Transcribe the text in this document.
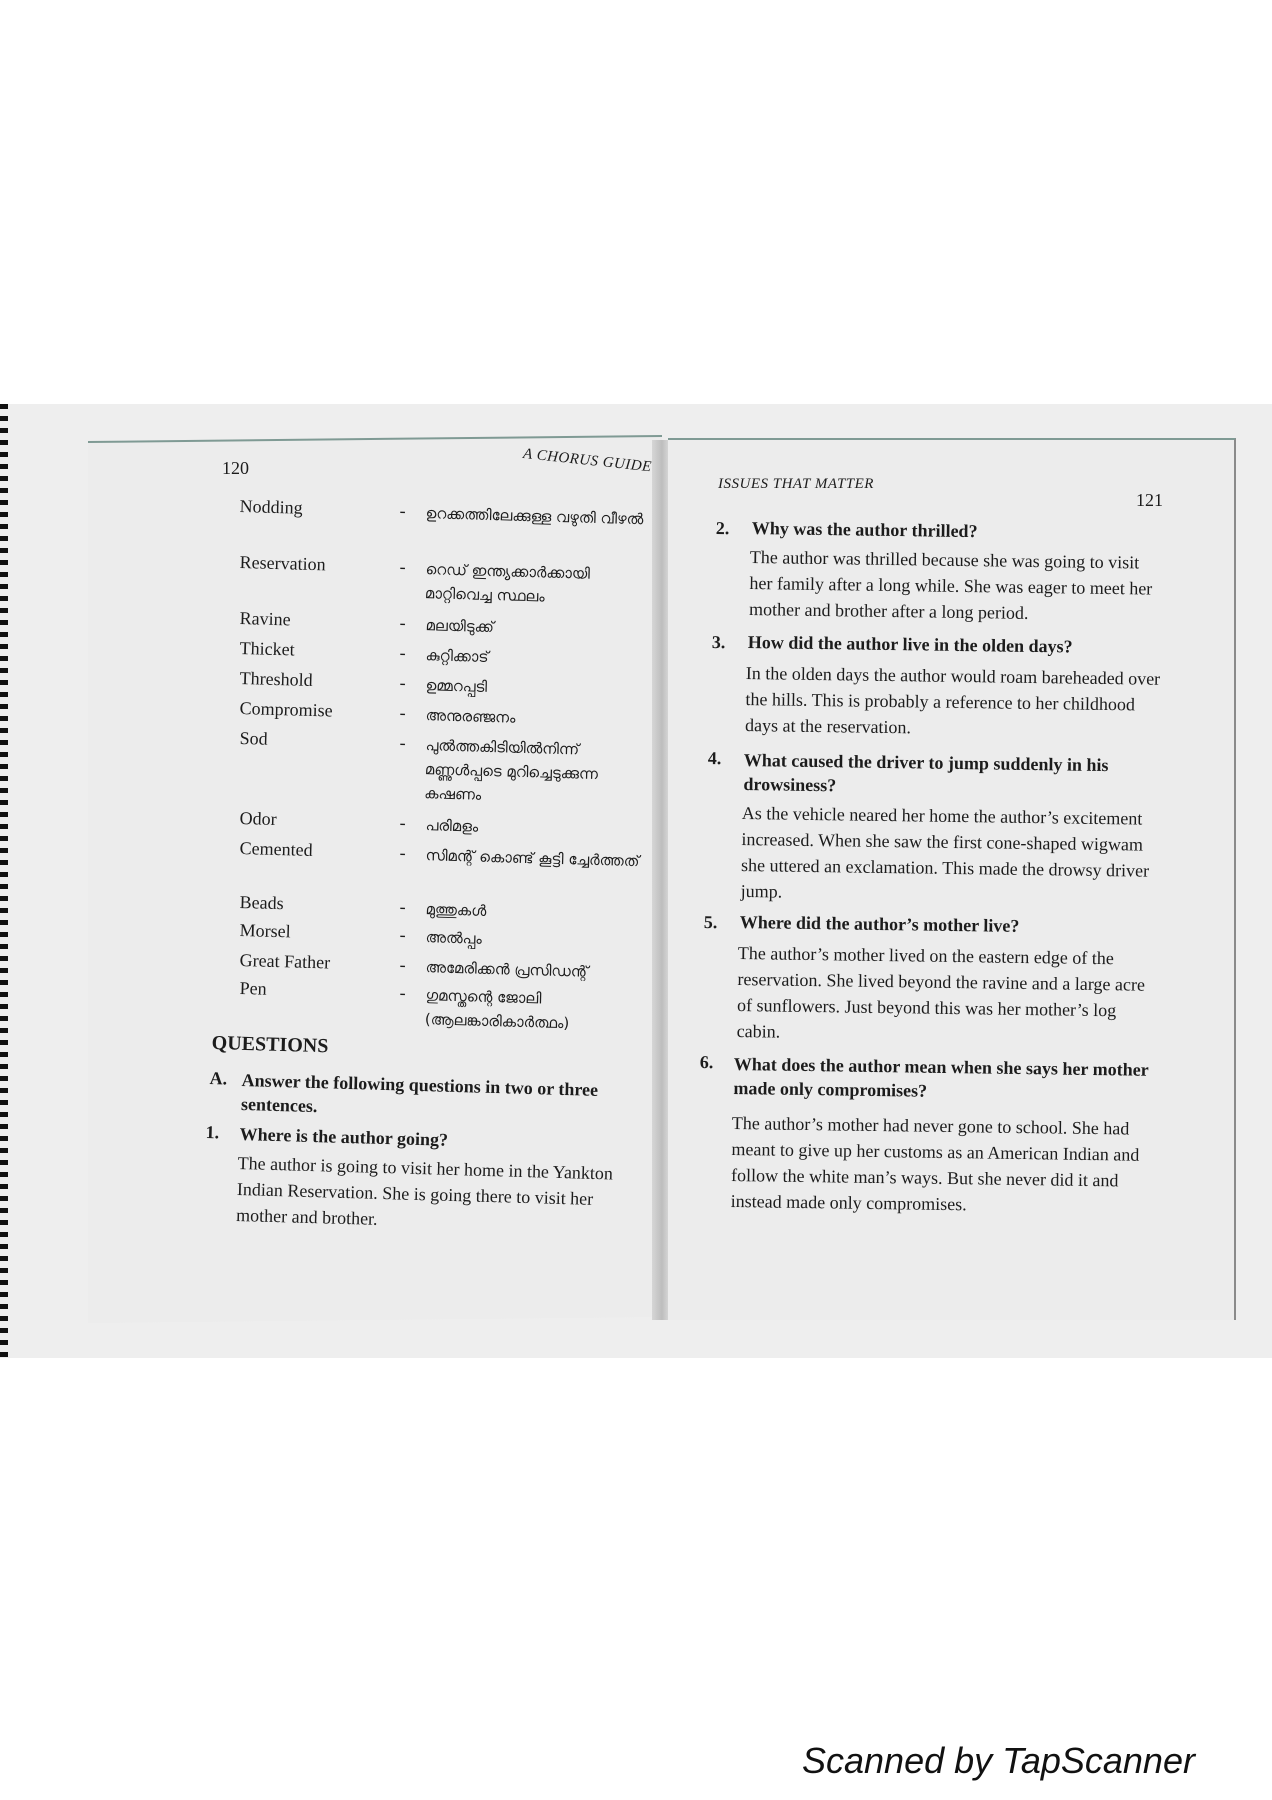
120	A CHORUS GUIDE
Nodding	- ഉറക്കത്തിലേക്കുള്ള വഴുതി വീഴൽ
Reservation	- റെഡ് ഇന്ത്യക്കാർക്കായി മാറ്റിവെച്ച സ്ഥലം
Ravine	- മലയിടുക്ക്
Thicket	- കുറ്റിക്കാട്
Threshold	- ഉമ്മറപ്പടി
Compromise	- അനുരഞ്ജനം
Sod	- പുൽത്തകിടിയിൽനിന്ന് മണ്ണുൾപ്പടെ മുറിച്ചെടുക്കുന്ന കഷണം
Odor	- പരിമളം
Cemented	- സിമന്റ് കൊണ്ട് കൂട്ടി ച്ചേർത്തത്
Beads	- മുത്തുകൾ
Morsel	- അൽപ്പം
Great Father	- അമേരിക്കൻ പ്രസിഡന്റ്
Pen	- ഗുമസ്തന്റെ ജോലി (ആലങ്കാരികാർത്ഥം)
QUESTIONS
A. Answer the following questions in two or three sentences.
1. Where is the author going?
The author is going to visit her home in the Yankton Indian Reservation. She is going there to visit her mother and brother.
ISSUES THAT MATTER
121
2. Why was the author thrilled?
The author was thrilled because she was going to visit her family after a long while. She was eager to meet her mother and brother after a long period.
3. How did the author live in the olden days?
In the olden days the author would roam bareheaded over the hills. This is probably a reference to her childhood days at the reservation.
4. What caused the driver to jump suddenly in his drowsiness?
As the vehicle neared her home the author’s excitement increased. When she saw the first cone-shaped wigwam she uttered an exclamation. This made the drowsy driver jump.
5. Where did the author’s mother live?
The author’s mother lived on the eastern edge of the reservation. She lived beyond the ravine and a large acre of sunflowers. Just beyond this was her mother’s log cabin.
6. What does the author mean when she says her mother made only compromises?
The author’s mother had never gone to school. She had meant to give up her customs as an American Indian and follow the white man’s ways. But she never did it and instead made only compromises.
Scanned by TapScanner
